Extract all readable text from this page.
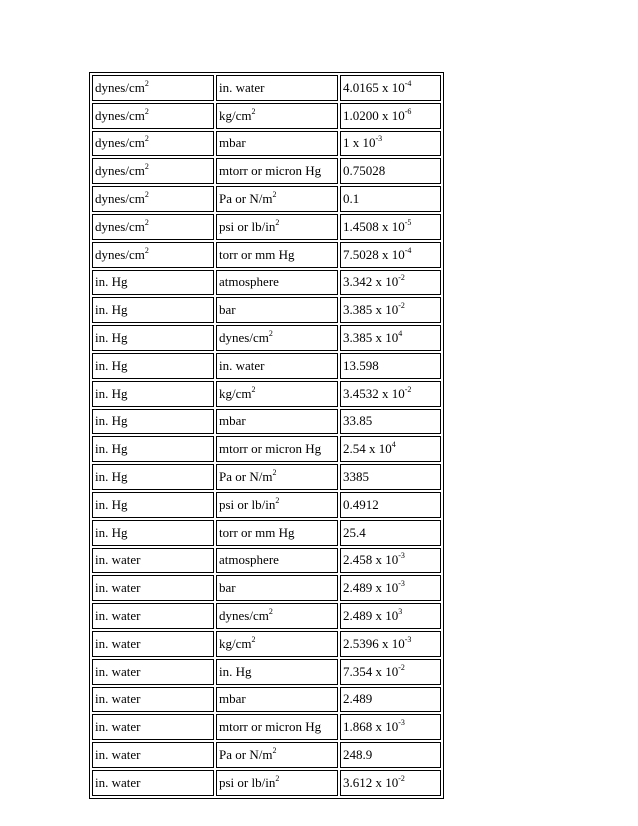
dynes/$cm^2$	in. water	4.0165 x $10^{-4}$
dynes/$cm^2$	$kg/cm^2$	1.0200 x $10^{-6}$
dynes/$cm^2$	mbar	1 x $10^{-3}$
dynes/$cm^2$	mtorr or micron Hg	0.75028
dynes/$cm^2$	Pa or $N/m^2$	0.1
dynes/$cm^2$	psi or $lb/in^2$	1.4508 x $10^{-5}$
dynes/$cm^2$	torr or mm Hg	7.5028 x $10^{-4}$
in. Hg	atmosphere	3.342 x $10^{-2}$
in. Hg	bar	3.385 x $10^{-2}$
in. Hg	dynes/$cm^2$	3.385 x $10^4$
in. Hg	in. water	13.598
in. Hg	$kg/cm^2$	3.4532 x $10^{-2}$
in. Hg	mbar	33.85
in. Hg	mtorr or micron Hg	2.54 x $10^4$
in. Hg	Pa or $N/m^2$	3385
in. Hg	psi or $lb/in^2$	0.4912
in. Hg	torr or mm Hg	25.4
in. water	atmosphere	2.458 x $10^{-3}$
in. water	bar	2.489 x $10^{-3}$
in. water	dynes/$cm^2$	2.489 x $10^3$
in. water	$kg/cm^2$	2.5396 x $10^{-3}$
in. water	in. Hg	7.354 x $10^{-2}$
in. water	mbar	2.489
in. water	mtorr or micron Hg	1.868 x $10^{-3}$
in. water	Pa or $N/m^2$	248.9
in. water	psi or $lb/in^2$	3.612 x $10^{-2}$
